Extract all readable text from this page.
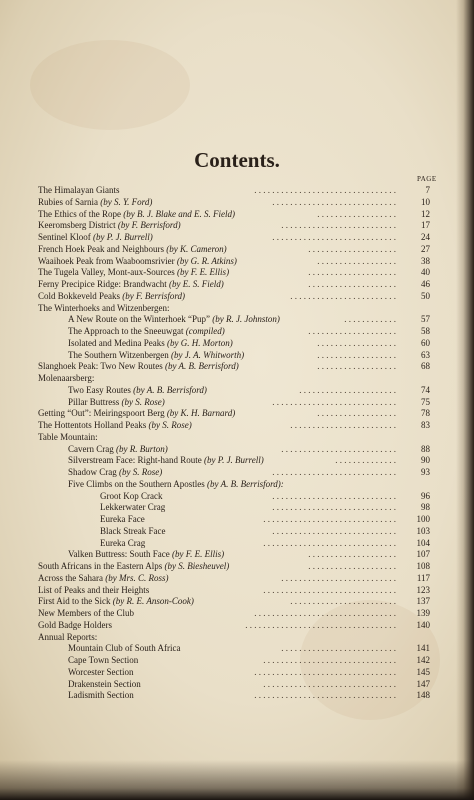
Contents.
PAGE
The Himalayan Giants	. . . . . . . . . . . . . . . . . . . . . . . . . . . . . . . .	7
Rubies of Sarnia (by S. Y. Ford)	. . . . . . . . . . . . . . . . . . . . . . . . . . . .	10
The Ethics of the Rope (by B. J. Blake and E. S. Field)	. . . . . . . . . . . . . . . . . .	12
Keeromsberg District (by F. Berrisford)	. . . . . . . . . . . . . . . . . . . . . . . . . .	17
Sentinel Kloof (by P. J. Burrell)	. . . . . . . . . . . . . . . . . . . . . . . . . . . .	24
French Hoek Peak and Neighbours (by K. Cameron)	. . . . . . . . . . . . . . . . . . . .	27
Waaihoek Peak from Waaboomsrivier (by G. R. Atkins)	. . . . . . . . . . . . . . . . . .	38
The Tugela Valley, Mont-aux-Sources (by F. E. Ellis)	. . . . . . . . . . . . . . . . . . . .	40
Ferny Precipice Ridge: Brandwacht (by E. S. Field)	. . . . . . . . . . . . . . . . . . . .	46
Cold Bokkeveld Peaks (by F. Berrisford)	. . . . . . . . . . . . . . . . . . . . . . . .	50
The Winterhoeks and Witzenbergen:
A New Route on the Winterhoek “Pup” (by R. J. Johnston)	. . . . . . . . . . . .	57
The Approach to the Sneeuwgat (compiled)	. . . . . . . . . . . . . . . . . . . .	58
Isolated and Medina Peaks (by G. H. Morton)	. . . . . . . . . . . . . . . . . .	60
The Southern Witzenbergen (by J. A. Whitworth)	. . . . . . . . . . . . . . . . . .	63
Slanghoek Peak: Two New Routes (by A. B. Berrisford)	. . . . . . . . . . . . . . . . . .	68
Molenaarsberg:
Two Easy Routes (by A. B. Berrisford)	. . . . . . . . . . . . . . . . . . . . . .	74
Pillar Buttress (by S. Rose)	. . . . . . . . . . . . . . . . . . . . . . . . . . . .	75
Getting “Out”: Meiringspoort Berg (by K. H. Barnard)	. . . . . . . . . . . . . . . . . .	78
The Hottentots Holland Peaks (by S. Rose)	. . . . . . . . . . . . . . . . . . . . . . . .	83
Table Mountain:
Cavern Crag (by R. Burton)	. . . . . . . . . . . . . . . . . . . . . . . . . .	88
Silverstream Face: Right-hand Route (by P. J. Burrell)	. . . . . . . . . . . . . .	90
Shadow Crag (by S. Rose)	. . . . . . . . . . . . . . . . . . . . . . . . . . . .	93
Five Climbs on the Southern Apostles (by A. B. Berrisford):
Groot Kop Crack	. . . . . . . . . . . . . . . . . . . . . . . . . . . .	96
Lekkerwater Crag	. . . . . . . . . . . . . . . . . . . . . . . . . . . .	98
Eureka Face	. . . . . . . . . . . . . . . . . . . . . . . . . . . . . .	100
Black Streak Face	. . . . . . . . . . . . . . . . . . . . . . . . . . . .	103
Eureka Crag	. . . . . . . . . . . . . . . . . . . . . . . . . . . . . .	104
Valken Buttress: South Face (by F. E. Ellis)	. . . . . . . . . . . . . . . . . . . .	107
South Africans in the Eastern Alps (by S. Biesheuvel)	. . . . . . . . . . . . . . . . . . . .	108
Across the Sahara (by Mrs. C. Ross)	. . . . . . . . . . . . . . . . . . . . . . . . . .	117
List of Peaks and their Heights	. . . . . . . . . . . . . . . . . . . . . . . . . . . . . .	123
First Aid to the Sick (by R. E. Anson-Cook)	. . . . . . . . . . . . . . . . . . . . . . . .	137
New Members of the Club	. . . . . . . . . . . . . . . . . . . . . . . . . . . . . . . .	139
Gold Badge Holders	. . . . . . . . . . . . . . . . . . . . . . . . . . . . . . . . . .	140
Annual Reports:
Mountain Club of South Africa	. . . . . . . . . . . . . . . . . . . . . . . . . .	141
Cape Town Section	. . . . . . . . . . . . . . . . . . . . . . . . . . . . . .	142
Worcester Section	. . . . . . . . . . . . . . . . . . . . . . . . . . . . . . . .	145
Drakenstein Section	. . . . . . . . . . . . . . . . . . . . . . . . . . . . . .	147
Ladismith Section	. . . . . . . . . . . . . . . . . . . . . . . . . . . . . . . .	148
